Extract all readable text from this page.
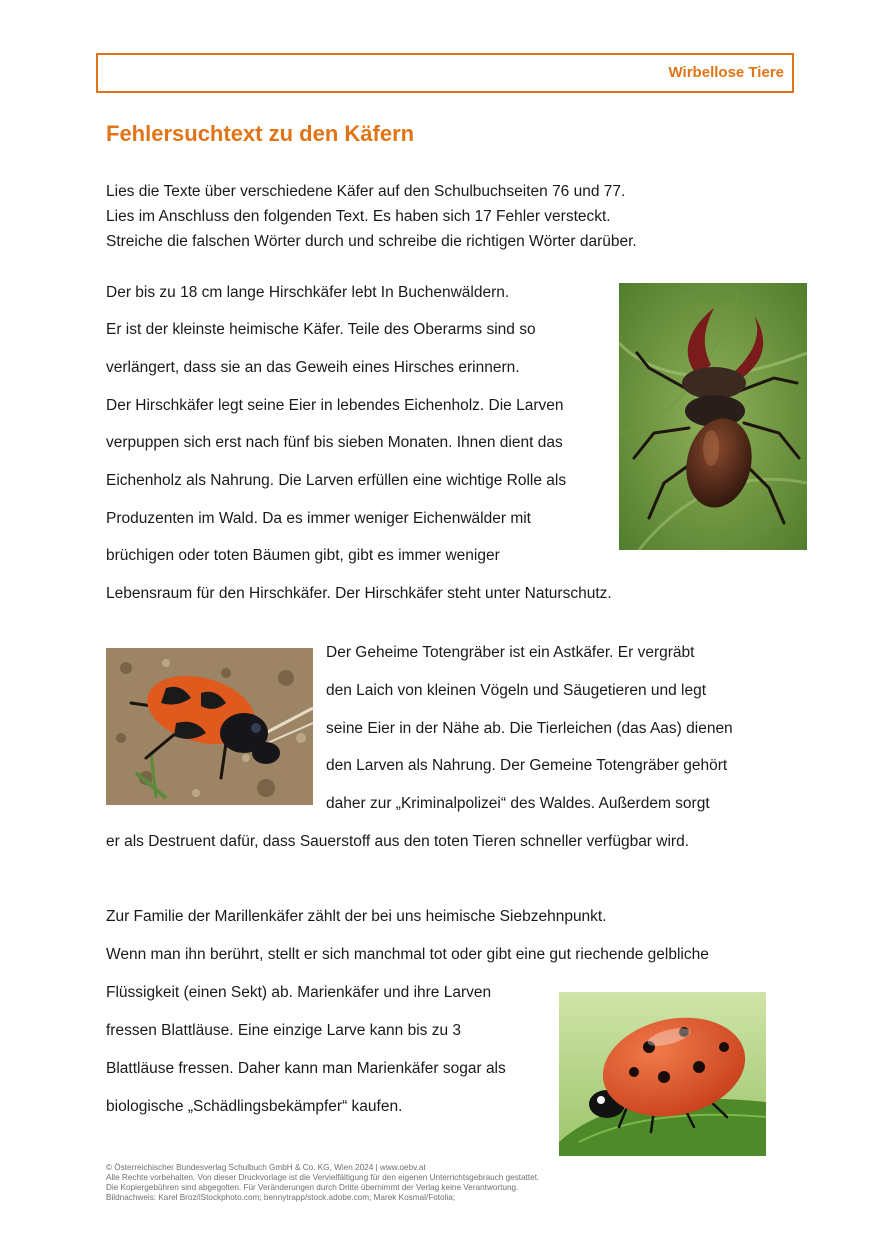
Wirbellose Tiere
Fehlersuchtext zu den Käfern
Lies die Texte über verschiedene Käfer auf den Schulbuchseiten 76 und 77.
Lies im Anschluss den folgenden Text. Es haben sich 17 Fehler versteckt.
Streiche die falschen Wörter durch und schreibe die richtigen Wörter darüber.
Der bis zu 18 cm lange Hirschkäfer lebt In Buchenwäldern.
Er ist der kleinste heimische Käfer. Teile des Oberarms sind so
verlängert, dass sie an das Geweih eines Hirsches erinnern.
Der Hirschkäfer legt seine Eier in lebendes Eichenholz. Die Larven
verpuppen sich erst nach fünf bis sieben Monaten. Ihnen dient das
Eichenholz als Nahrung. Die Larven erfüllen eine wichtige Rolle als
Produzenten im Wald. Da es immer weniger Eichenwälder mit
brüchigen oder toten Bäumen gibt, gibt es immer weniger
Lebensraum für den Hirschkäfer. Der Hirschkäfer steht unter Naturschutz.
Der Geheime Totengräber ist ein Astkäfer. Er vergräbt
den Laich von kleinen Vögeln und Säugetieren und legt
seine Eier in der Nähe ab. Die Tierleichen (das Aas) dienen
den Larven als Nahrung. Der Gemeine Totengräber gehört
daher zur „Kriminalpolizei“ des Waldes. Außerdem sorgt
er als Destruent dafür, dass Sauerstoff aus den toten Tieren schneller verfügbar wird.
Zur Familie der Marillenkäfer zählt der bei uns heimische Siebzehnpunkt.
Wenn man ihn berührt, stellt er sich manchmal tot oder gibt eine gut riechende gelbliche
Flüssigkeit (einen Sekt) ab. Marienkäfer und ihre Larven
fressen Blattläuse. Eine einzige Larve kann bis zu 3
Blattläuse fressen. Daher kann man Marienkäfer sogar als
biologische „Schädlingsbekämpfer“ kaufen.
© Österreichischer Bundesverlag Schulbuch GmbH & Co. KG, Wien 2024 | www.oebv.at
Alle Rechte vorbehalten. Von dieser Druckvorlage ist die Vervielfältigung für den eigenen Unterrichtsgebrauch gestattet.
Die Kopiergebühren sind abgegolten. Für Veränderungen durch Dritte übernimmt der Verlag keine Verantwortung.
Bildnachweis: Karel Broz/iStockphoto.com; bennytrapp/stock.adobe.com; Marek Kosmal/Fotolia;
